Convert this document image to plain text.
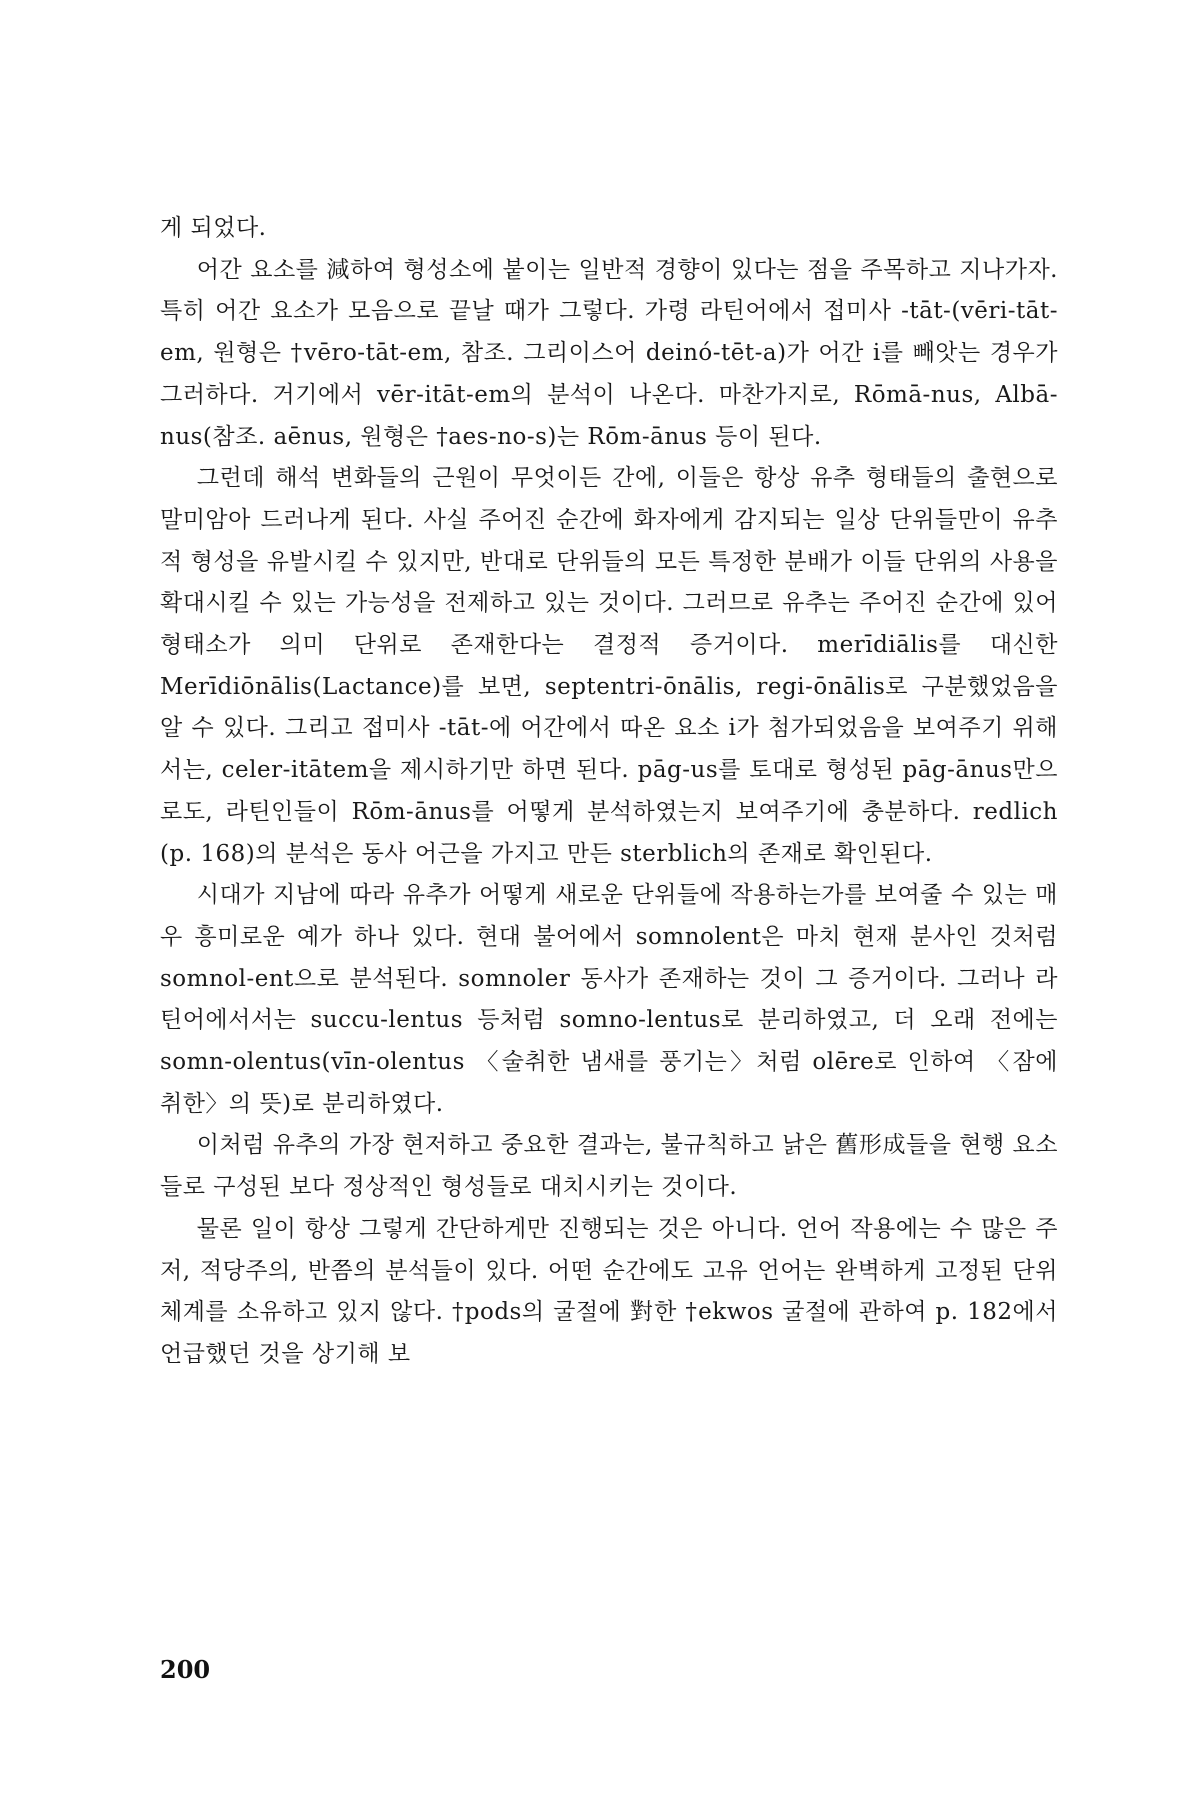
게 되었다.

어간 요소를 減하여 형성소에 붙이는 일반적 경향이 있다는 점을 주목하고 지나가자. 특히 어간 요소가 모음으로 끝날 때가 그렇다. 가령 라틴어에서 접미사 -tāt-(vēri-tāt-em, 원형은 †vēro-tāt-em, 참조. 그리이스어 deinó-tēt-a)가 어간 i를 빼앗는 경우가 그러하다. 거기에서 vēr-itāt-em의 분석이 나온다. 마찬가지로, Rōmā-nus, Albā-nus(참조. aēnus, 원형은 †aes-no-s)는 Rōm-ānus 등이 된다.

그런데 해석 변화들의 근원이 무엇이든 간에, 이들은 항상 유추 형태들의 출현으로 말미암아 드러나게 된다. 사실 주어진 순간에 화자에게 감지되는 일상 단위들만이 유추적 형성을 유발시킬 수 있지만, 반대로 단위들의 모든 특정한 분배가 이들 단위의 사용을 확대시킬 수 있는 가능성을 전제하고 있는 것이다. 그러므로 유추는 주어진 순간에 있어 형태소가 의미 단위로 존재한다는 결정적 증거이다. merīdiālis를 대신한 Merīdiōnālis(Lactance)를 보면, septentri-ōnālis, regi-ōnālis로 구분했었음을 알 수 있다. 그리고 접미사 -tāt-에 어간에서 따온 요소 i가 첨가되었음을 보여주기 위해서는, celer-itātem을 제시하기만 하면 된다. pāg-us를 토대로 형성된 pāg-ānus만으로도, 라틴인들이 Rōm-ānus를 어떻게 분석하였는지 보여주기에 충분하다. redlich (p. 168)의 분석은 동사 어근을 가지고 만든 sterblich의 존재로 확인된다.

시대가 지남에 따라 유추가 어떻게 새로운 단위들에 작용하는가를 보여줄 수 있는 매우 흥미로운 예가 하나 있다. 현대 불어에서 somnolent은 마치 현재 분사인 것처럼 somnol-ent으로 분석된다. somnoler 동사가 존재하는 것이 그 증거이다. 그러나 라틴어에서서는 succu-lentus 등처럼 somno-lentus로 분리하였고, 더 오래 전에는 somn-olentus(vīn-olentus 〈술취한 냄새를 풍기는〉처럼 olēre로 인하여 〈잠에 취한〉의 뜻)로 분리하였다.

이처럼 유추의 가장 현저하고 중요한 결과는, 불규칙하고 낡은 舊形成들을 현행 요소들로 구성된 보다 정상적인 형성들로 대치시키는 것이다.

물론 일이 항상 그렇게 간단하게만 진행되는 것은 아니다. 언어 작용에는 수 많은 주저, 적당주의, 반쯤의 분석들이 있다. 어떤 순간에도 고유 언어는 완벽하게 고정된 단위 체계를 소유하고 있지 않다. †pods의 굴절에 對한 †ekwos 굴절에 관하여 p. 182에서 언급했던 것을 상기해 보

200
